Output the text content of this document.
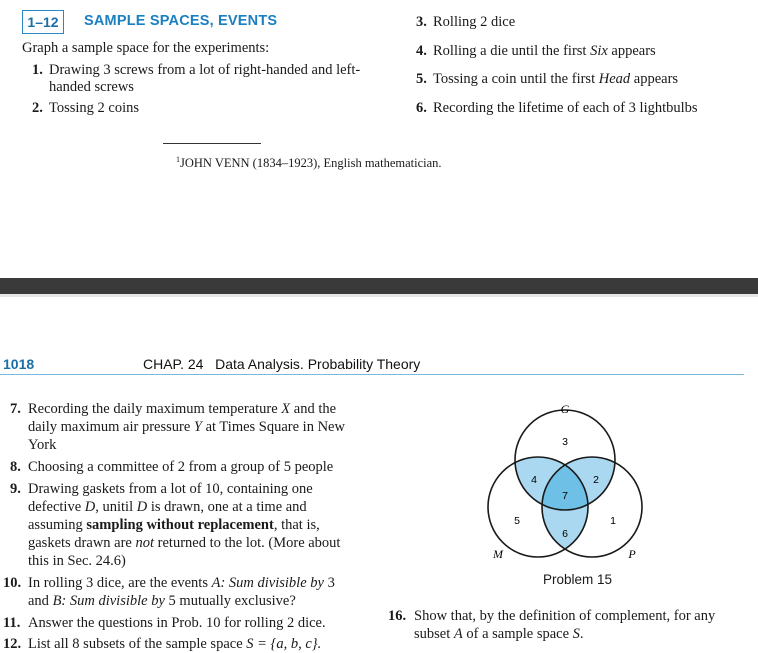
1–12	SAMPLE SPACES, EVENTS
Graph a sample space for the experiments:
1. Drawing 3 screws from a lot of right-handed and left-
handed screws
2. Tossing 2 coins
3. Rolling 2 dice
4. Rolling a die until the first Six appears
5. Tossing a coin until the first Head appears
6. Recording the lifetime of each of 3 lightbulbs
$^1$JOHN VENN (1834–1923), English mathematician.
1018	CHAP. 24   Data Analysis. Probability Theory
7. Recording the daily maximum temperature X and the
daily maximum air pressure Y at Times Square in New
York
8. Choosing a committee of 2 from a group of 5 people
9. Drawing gaskets from a lot of 10, containing one
defective D, unitil D is drawn, one at a time and
assuming sampling without replacement, that is,
gaskets drawn are not returned to the lot. (More about
this in Sec. 24.6)
10. In rolling 3 dice, are the events A: Sum divisible by 3
and B: Sum divisible by 5 mutually exclusive?
11. Answer the questions in Prob. 10 for rolling 2 dice.
12. List all 8 subsets of the sample space S = {a, b, c}.
16. Show that, by the definition of complement, for any
subset A of a sample space S.
G
M	P
3
4	2
7
5	1
6
Problem 15
